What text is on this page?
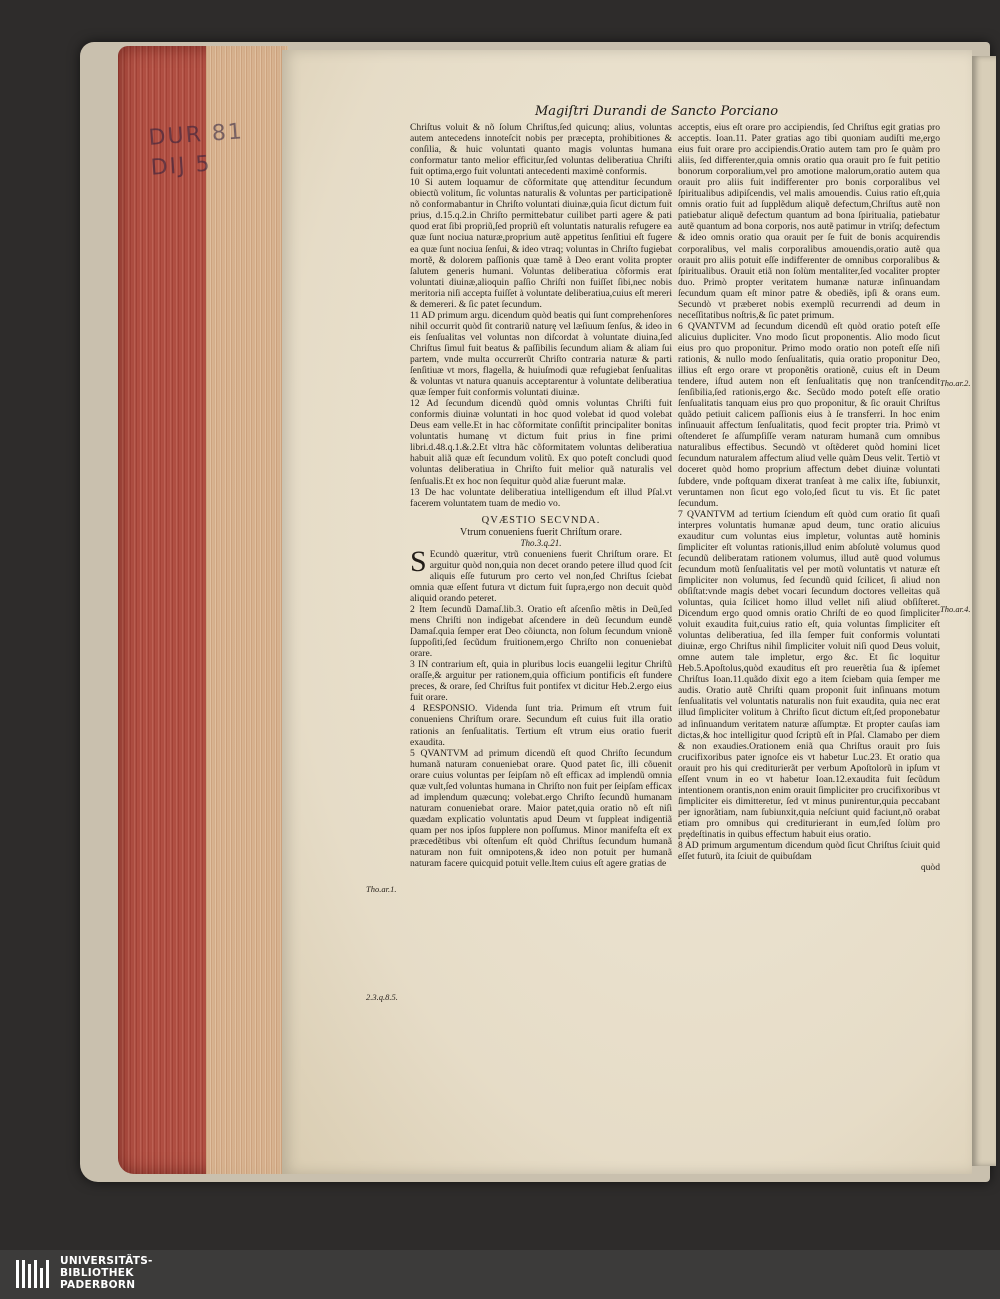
DUR 81
DIJ 5
Magiſtri Durandi de Sancto Porciano

Chriſtus voluit & nõ ſolum Chriſtus,ſed quicunq; alius, voluntas autem antecedens innoteſcit nobis per præcepta, prohibitiones & conſilia, & huic voluntati quanto magis voluntas humana conformatur tanto melior efficitur,ſed voluntas deliberatiua Chriſti fuit optima,ergo fuit voluntati antecedenti maximè conformis.

10 Si autem loquamur de cõformitate quę attenditur ſecundum obiectũ volitum, ſic voluntas naturalis & voluntas per participationẽ nõ conformabantur in Chriſto voluntati diuinæ,quia ſicut dictum fuit prius, d.15.q.2.in Chriſto permittebatur cuilibet parti agere & pati quod erat ſibi propriũ,ſed propriũ eſt voluntatis naturalis refugere ea quæ ſunt nociua naturæ,proprium autẽ appetitus ſenſitiui eſt fugere ea quæ ſunt nociua ſenſui, & ideo vtraq; voluntas in Chriſto fugiebat mortẽ, & dolorem paſſionis quæ tamẽ à Deo erant volita propter ſalutem generis humani. Voluntas deliberatiua cõformis erat voluntati diuinæ,alioquin paſſio Chriſti non fuiſſet ſibi,nec nobis meritoria niſi accepta fuiſſet à voluntate deliberatiua,cuius eſt mereri & demereri. & ſic patet ſecundum.

11 AD primum argu. dicendum quòd beatis qui ſunt comprehenſores nihil occurrit quòd ſit contrariũ naturę vel læſiuum ſenſus, & ideo in eis ſenſualitas vel voluntas non diſcordat à voluntate diuina,ſed Chriſtus ſimul fuit beatus & paſſibilis ſecundum aliam & aliam ſui partem, vnde multa occurrerũt Chriſto contraria naturæ & parti ſenſitiuæ vt mors, flagella, & huiuſmodi quæ refugiebat ſenſualitas & voluntas vt natura quanuis acceptarentur à voluntate deliberatiua quæ ſemper fuit conformis voluntati diuinæ.

12 Ad ſecundum dicendũ quòd omnis voluntas Chriſti fuit conformis diuinæ voluntati in hoc quod volebat id quod volebat Deus eam velle.Et in hac cõformitate conſiſtit principaliter bonitas voluntatis humanę vt dictum fuit prius in fine primi libri.d.48.q.1.&.2.Et vltra hãc cõformitatem voluntas deliberatiua habuit aliã quæ eſt ſecundum volitũ. Ex quo poteſt concludi quod voluntas deliberatiua in Chriſto fuit melior quã naturalis vel ſenſualis.Et ex hoc non ſequitur quòd aliæ fuerunt malæ.

13 De hac voluntate deliberatiua intelligendum eſt illud Pſal.vt facerem voluntatem tuam de medio vo.

QVÆSTIO SECVNDA.
Vtrum conueniens fuerit Chriſtum orare.
Tho.3.q.21.

S Ecundò quæritur, vtrũ conueniens fuerit Chriſtum orare. Et arguitur quòd non,quia non decet orando petere illud quod ſcit aliquis eſſe futurum pro certo vel non,ſed Chriſtus ſciebat omnia quæ eſſent futura vt dictum fuit ſupra,ergo non decuit quòd aliquid orando peteret.

2 Item ſecundũ Damaſ.lib.3. Oratio eſt aſcenſio mẽtis in Deũ,ſed mens Chriſti non indigebat aſcendere in deũ ſecundum eundẽ Damaſ.quia ſemper erat Deo cõiuncta, non ſolum ſecundum vnionẽ ſuppoſiti,ſed ſecũdum fruitionem,ergo Chriſto non conueniebat orare.

3 IN contrarium eſt, quia in pluribus locis euangelii legitur Chriſtũ oraſſe,& arguitur per rationem,quia officium pontificis eſt fundere preces, & orare, ſed Chriſtus fuit pontifex vt dicitur Heb.2.ergo eius fuit orare.

4 RESPONSIO. Videnda ſunt tria. Primum eſt vtrum fuit conueniens Chriſtum orare. Secundum eſt cuius fuit illa oratio rationis an ſenſualitatis. Tertium eſt vtrum eius oratio fuerit exaudita.

5 QVANTVM ad primum dicendũ eſt quod Chriſto ſecundum humanã naturam conueniebat orare. Quod patet ſic, illi cõuenit orare cuius voluntas per ſeipſam nõ eſt efficax ad implendũ omnia quæ vult,ſed voluntas humana in Chriſto non fuit per ſeipſam efficax ad implendum quæcunq; volebat.ergo Chriſto ſecundũ humanam naturam conueniebat orare. Maior patet,quia oratio nõ eſt niſi quædam explicatio voluntatis apud Deum vt ſuppleat indigentiã quam per nos ipſos ſupplere non poſſumus. Minor manifeſta eſt ex præcedẽtibus vbi oſtenſum eſt quòd Chriſtus ſecundum humanã naturam non fuit omnipotens,& ideo non potuit per humanã naturam facere quicquid potuit velle.Item cuius eſt agere gratias de

acceptis, eius eſt orare pro accipiendis, ſed Chriſtus egit gratias pro acceptis. Ioan.11. Pater gratias ago tibi quoniam audiſti me,ergo eius fuit orare pro accipiendis.Oratio autem tam pro ſe quàm pro aliis, ſed differenter,quia omnis oratio qua orauit pro ſe fuit petitio bonorum corporalium,vel pro amotione malorum,oratio autem qua orauit pro aliis fuit indifferenter pro bonis corporalibus vel ſpiritualibus adipiſcendis, vel malis amouendis. Cuius ratio eſt,quia omnis oratio fuit ad ſupplẽdum aliquẽ defectum,Chriſtus autẽ non patiebatur aliquẽ defectum quantum ad bona ſpiritualia, patiebatur autẽ quantum ad bona corporis, nos autẽ patimur in vtriſq; defectum & ideo omnis oratio qua orauit per ſe fuit de bonis acquirendis corporalibus, vel malis corporalibus amouendis,oratio autẽ qua orauit pro aliis potuit eſſe indifferenter de omnibus corporalibus & ſpiritualibus. Orauit etiã non ſolùm mentaliter,ſed vocaliter propter duo. Primò propter veritatem humanæ naturæ inſinuandam ſecundum quam eſt minor patre & obediẽs, ipſi & orans eum. Secundò vt præberet nobis exemplũ recurrendi ad deum in neceſſitatibus noſtris,& ſic patet primum.

6 QVANTVM ad ſecundum dicendũ eſt quòd oratio poteſt eſſe alicuius dupliciter. Vno modo ſicut proponentis. Alio modo ſicut eius pro quo proponitur. Primo modo oratio non poteſt eſſe niſi rationis, & nullo modo ſenſualitatis, quia oratio proponitur Deo, illius eſt ergo orare vt proponẽtis orationẽ, cuius eſt in Deum tendere, iſtud autem non eſt ſenſualitatis quę non tranſcendit ſenſibilia,ſed rationis,ergo &c. Secũdo modo poteſt eſſe oratio ſenſualitatis tanquam eius pro quo proponitur, & ſic orauit Chriſtus quãdo petiuit calicem paſſionis eius à ſe transferri. In hoc enim inſinuauit affectum ſenſualitatis, quod fecit propter tria. Primò vt oſtenderet ſe aſſumpſiſſe veram naturam humanã cum omnibus naturalibus effectibus. Secundò vt oſtẽderet quòd homini licet ſecundum naturalem affectum aliud velle quàm Deus velit. Tertiò vt doceret quòd homo proprium affectum debet diuinæ voluntati ſubdere, vnde poſtquam dixerat tranſeat à me calix iſte, ſubiunxit, veruntamen non ſicut ego volo,ſed ſicut tu vis. Et ſic patet ſecundum.

7 QVANTVM ad tertium ſciendum eſt quòd cum oratio ſit quaſi interpres voluntatis humanæ apud deum, tunc oratio alicuius exauditur cum voluntas eius impletur, voluntas autẽ hominis ſimpliciter eſt voluntas rationis,illud enim abſolutè volumus quod ſecundũ deliberatam rationem volumus, illud autẽ quod volumus ſecundum motũ ſenſualitatis vel per motũ voluntatis vt naturæ eſt ſimpliciter non volumus, ſed ſecundũ quid ſcilicet, ſi aliud non obſiſtat:vnde magis debet vocari ſecundum doctores velleitas quã voluntas, quia ſcilicet homo illud vellet niſi aliud obſiſteret. Dicendum ergo quod omnis oratio Chriſti de eo quod ſimpliciter voluit exaudita fuit,cuius ratio eſt, quia voluntas ſimpliciter eſt voluntas deliberatiua, ſed illa ſemper fuit conformis voluntati diuinæ, ergo Chriſtus nihil ſimpliciter voluit niſi quod Deus voluit, omne autem tale impletur, ergo &c. Et ſic loquitur Heb.5.Apoſtolus,quòd exauditus eſt pro reuerẽtia ſua & ipſemet Chriſtus Ioan.11.quãdo dixit ego a item ſciebam quia ſemper me audis. Oratio autẽ Chriſti quam proponit ſuit inſinuans motum ſenſualitatis vel voluntatis naturalis non fuit exaudita, quia nec erat illud ſimpliciter volitum à Chriſto ſicut dictum eſt,ſed proponebatur ad inſinuandum veritatem naturæ aſſumptæ. Et propter cauſas iam dictas,& hoc intelligitur quod ſcriptũ eſt in Pſal. Clamabo per diem & non exaudies.Orationem eniã qua Chriſtus orauit pro ſuis crucifixoribus pater ignoſce eis vt habetur Luc.23. Et oratio qua orauit pro his qui crediturierãt per verbum Apoſtolorũ in ipſum vt eſſent vnum in eo vt habetur Ioan.12.exaudita fuit ſecũdum intentionem orantis,non enim orauit ſimpliciter pro crucifixoribus vt ſimpliciter eis dimitteretur, ſed vt minus punirentur,quia peccabant per ignorãtiam, nam ſubiunxit,quia neſciunt quid faciunt,nõ orabat etiam pro omnibus qui crediturierant in eum,ſed ſolùm pro prędeſtinatis in quibus effectum habuit eius oratio.

8 AD primum argumentum dicendum quòd ſicut Chriſtus ſciuit quid eſſet futurũ, ita ſciuit de quibuſdam

quòd

Tho.ar.2.
Tho.ar.4.
Tho.ar.1.
2.3.q.8.5.
UNIVERSITÄTS-
BIBLIOTHEK
PADERBORN
